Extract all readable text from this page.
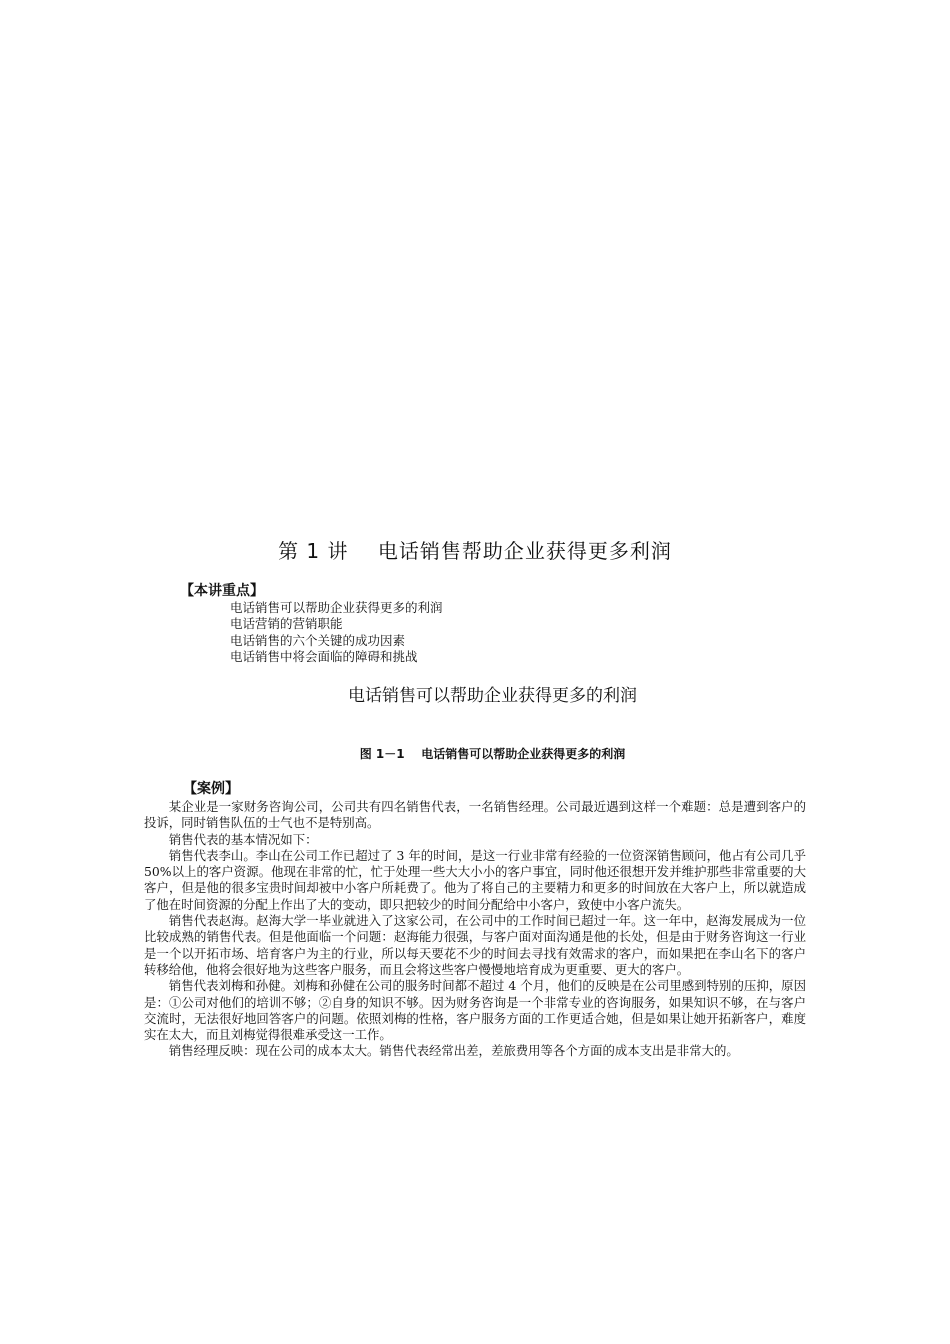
第 1 讲    电话销售帮助企业获得更多利润
【本讲重点】
电话销售可以帮助企业获得更多的利润
电话营销的营销职能
电话销售的六个关键的成功因素
电话销售中将会面临的障碍和挑战
电话销售可以帮助企业获得更多的利润
图 1－1    电话销售可以帮助企业获得更多的利润
【案例】

某企业是一家财务咨询公司，公司共有四名销售代表，一名销售经理。公司最近遇到这样一个难题：总是遭到客户的投诉，同时销售队伍的士气也不是特别高。

销售代表的基本情况如下：

销售代表李山。李山在公司工作已超过了 3 年的时间，是这一行业非常有经验的一位资深销售顾问，他占有公司几乎 50%以上的客户资源。他现在非常的忙，忙于处理一些大大小小的客户事宜，同时他还很想开发并维护那些非常重要的大客户，但是他的很多宝贵时间却被中小客户所耗费了。他为了将自己的主要精力和更多的时间放在大客户上，所以就造成了他在时间资源的分配上作出了大的变动，即只把较少的时间分配给中小客户，致使中小客户流失。

销售代表赵海。赵海大学一毕业就进入了这家公司，在公司中的工作时间已超过一年。这一年中，赵海发展成为一位比较成熟的销售代表。但是他面临一个问题：赵海能力很强，与客户面对面沟通是他的长处，但是由于财务咨询这一行业是一个以开拓市场、培育客户为主的行业，所以每天要花不少的时间去寻找有效需求的客户，而如果把在李山名下的客户转移给他，他将会很好地为这些客户服务，而且会将这些客户慢慢地培育成为更重要、更大的客户。

销售代表刘梅和孙健。刘梅和孙健在公司的服务时间都不超过 4 个月，他们的反映是在公司里感到特别的压抑，原因是：①公司对他们的培训不够；②自身的知识不够。因为财务咨询是一个非常专业的咨询服务，如果知识不够，在与客户交流时，无法很好地回答客户的问题。依照刘梅的性格，客户服务方面的工作更适合她，但是如果让她开拓新客户，难度实在太大，而且刘梅觉得很难承受这一工作。

销售经理反映：现在公司的成本太大。销售代表经常出差，差旅费用等各个方面的成本支出是非常大的。
